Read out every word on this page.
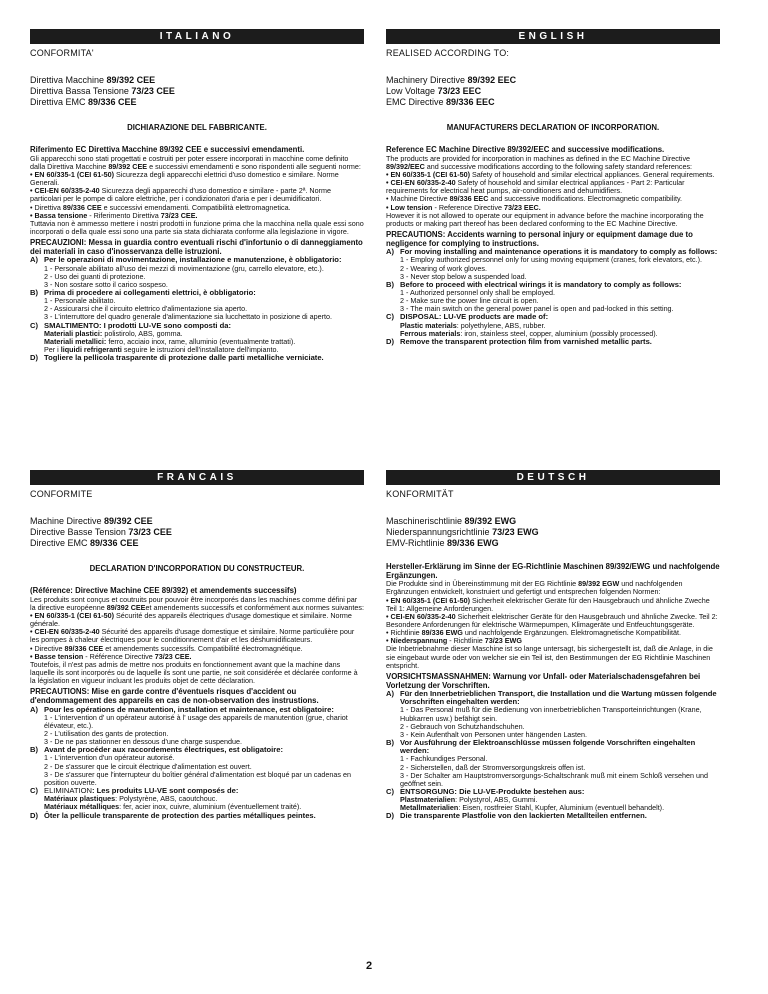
ITALIANO
CONFORMITA'
Direttiva Macchine 89/392 CEE
Direttiva Bassa Tensione 73/23 CEE
Direttiva EMC 89/336 CEE
DICHIARAZIONE DEL FABBRICANTE.

Riferimento EC Direttiva Macchine 89/392 CEE e successivi emendamenti.

Gli apparecchi sono stati progettati e costruiti per poter essere incorporati in macchine come definito dalla Direttiva Macchine 89/392 CEE e successivi emendamenti e sono rispondenti alle seguenti norme:

• EN 60/335-1 (CEI 61-50) Sicurezza degli apparecchi elettrici d'uso domestico e similare. Norme Generali.

• CEI-EN 60/335-2-40 Sicurezza degli apparecchi d'uso domestico e similare - parte 2ª. Norme particolari per le pompe di calore elettriche, per i condizionatori d'aria e per i deumidificatori.

• Direttiva 89/336 CEE e successivi emendamenti. Compatibilità elettromagnetica.

• Bassa tensione - Riferimento Direttiva 73/23 CEE.

Tuttavia non è ammesso mettere i nostri prodotti in funzione prima che la macchina nella quale essi sono incorporati o della quale essi sono una parte sia stata dichiarata conforme alla legislazione in vigore.

PRECAUZIONI: Messa in guardia contro eventuali rischi d'infortunio o di danneggiamento dei materiali in caso d'inosservanza delle istruzioni.

A) Per le operazioni di movimentazione, installazione e manutenzione, è obbligatorio:
1 - Personale abilitato all'uso dei mezzi di movimentazione (gru, carrello elevatore, etc.).
2 - Uso dei guanti di protezione.
3 - Non sostare sotto il carico sospeso.
B) Prima di procedere ai collegamenti elettrici, è obbligatorio:
1 - Personale abilitato.
2 - Assicurarsi che il circuito elettrico d'alimentazione sia aperto.
3 - L'interruttore del quadro generale d'alimentazione sia lucchettato in posizione di aperto.
C) SMALTIMENTO: I prodotti LU-VE sono composti da:
Materiali plastici: polistirolo, ABS, gomma.
Materiali metallici: ferro, acciaio inox, rame, alluminio (eventualmente trattati).
Per i liquidi refrigeranti seguire le istruzioni dell'installatore dell'impianto.
D) Togliere la pellicola trasparente di protezione dalle parti metalliche verniciate.
ENGLISH
REALISED ACCORDING TO:
Machinery Directive 89/392 EEC
Low Voltage 73/23 EEC
EMC Directive 89/336 EEC
MANUFACTURERS DECLARATION OF INCORPORATION.

Reference EC Machine Directive 89/392/EEC and successive modifications.

The products are provided for incorporation in machines as defined in the EC Machine Directive 89/392/EEC and successive modifications according to the following safety standard references:

• EN 60/335-1 (CEI 61-50) Safety of household and similar electrical appliances. General requirements.

• CEI-EN 60/335-2-40 Safety of household and similar electrical appliances - Part 2: Particular requirements for electrical heat pumps, air-conditioners and dehumidifiers.

• Machine Directive 89/336 EEC and successive modifications. Electromagnetic compatibility.

• Low tension - Reference Directive 73/23 EEC.

However it is not allowed to operate our equipment in advance before the machine incorporating the products or making part thereof has been declared conforming to the EC Machine Directive.

PRECAUTIONS: Accidents warning to personal injury or equipment damage due to negligence for complying to instructions.

A) For moving installing and maintenance operations it is mandatory to comply as follows:
1 - Employ authorized personnel only for using moving equipment (cranes, fork elevators, etc.).
2 - Wearing of work gloves.
3 - Never stop below a suspended load.
B) Before to proceed with electrical wirings it is mandatory to comply as follows:
1 - Authorized personnel only shall be employed.
2 - Make sure the power line circuit is open.
3 - The main switch on the general power panel is open and pad-locked in this setting.
C) DISPOSAL: LU-VE products are made of:
Plastic materials: polyethylene, ABS, rubber.
Ferrous materials: iron, stainless steel, copper, aluminium (possibly processed).
D) Remove the transparent protection film from varnished metallic parts.
FRANCAIS
CONFORMITE
Machine Directive 89/392 CEE
Directive Basse Tension 73/23 CEE
Directive EMC 89/336 CEE
DECLARATION D'INCORPORATION DU CONSTRUCTEUR.

(Référence: Directive Machine CEE 89/392) et amendements successifs)

Les produits sont conçus et coutruits pour pouvoir être incorporés dans les machines comme défini par la directive européenne 89/392 CEEet amendements successifs et conformément aux normes suivantes:

• EN 60/335-1 (CEI 61-50) Sécurité des appareils électriques d'usage domestique et similaire. Norme générale.

• CEI-EN 60/335-2-40 Sécurité des appareils d'usage domestique et similaire. Norme particulière pour les pompes à chaleur électriques pour le conditionnement d'air et les déshumidificateurs.

• Directive 89/336 CEE et amendements successifs. Compatibilité électromagnétique.

• Basse tension - Référence Directive 73/23 CEE.

Toutefois, il n'est pas admis de mettre nos produits en fonctionnement avant que la machine dans laquelle ils sont incorporés ou de laquelle ils sont une partie, ne soit considérée et déclarée conforme à la législation en vigueur incluant les produits objet de cette déclaration.

PRECAUTIONS: Mise en garde contre d'éventuels risques d'accident ou d'endommagement des appareils en cas de non-observation des instrustions.

A) Pour les opérations de manutention, installation et maintenance, est obligatoire:
1 - L'intervention d' un opérateur autorisé à l' usage des appareils de manutention (grue, chariot élévateur, etc.).
2 - L'utilisation des gants de protection.
3 - De ne pas stationner en dessous d'une charge suspendue.
B) Avant de procéder aux raccordements électriques, est obligatoire:
1 - L'intervention d'un opérateur autorisé.
2 - De s'assurer que le circuit électrique d'alimentation est ouvert.
3 - De s'assurer que l'interrupteur du boîtier général d'alimentation est bloqué par un cadenas en position ouverte.
C) ELIMINATION: Les produits LU-VE sont composés de:
Matériaux plastiques: Polystyrène, ABS, caoutchouc.
Matériaux métalliques: fer, acier inox, cuivre, aluminium (éventuellement traité).
D) Ôter la pellicule transparente de protection des parties métalliques peintes.
DEUTSCH
KONFORMITÄT
Maschinerischtlinie 89/392 EWG
Niederspannungsrichtlinie 73/23 EWG
EMV-Richtlinie 89/336 EWG

Hersteller-Erklärung im Sinne der EG-Richtlinie Maschinen 89/392/EWG und nachfolgende Ergänzungen.

Die Produkte sind in Übereinstimmung mit der EG Richtlinie 89/392 EGW und nachfolgenden Ergänzungen entwickelt, konstruiert und gefertigt und entsprechen folgenden Normen:

• EN 60/335-1 (CEI 61-50) Sicherheit elektrischer Geräte für den Hausgebrauch und ähnliche Zweche Teil 1: Allgemeine Anforderungen.

• CEI-EN 60/335-2-40 Sicherheit elektrischer Geräte für den Hausgebrauch und ähnliche Zwecke. Teil 2: Besondere Anforderungen für elektrische Wärmepumpen, Klimageräte und Entfeuchtungsgeräte.

• Richtlinie 89/336 EWG und nachfolgende Ergänzungen. Elektromagnetische Kompatibilität.

• Niederspannung - Richtlinie 73/23 EWG

Die Inbetriebnahme dieser Maschine ist so lange untersagt, bis sichergestellt ist, daß die Anlage, in die sie eingebaut wurde oder von welcher sie ein Teil ist, den Bestimmungen der EG Richtlinie Maschinen entspricht.

VORSICHTSMASSNAHMEN: Warnung vor Unfall- oder Materialschadensgefahren bei Vorletzung der Vorschriften.

A) Für den Innerbetrieblichen Transport, die Installation und die Wartung müssen folgende Vorschriften eingehalten werden:
1 - Das Personal muß für die Bedienung von innerbetrieblichen Transporteinrichtungen (Krane, Hubkarren usw.) befähigt sein.
2 - Gebrauch von Schutzhandschuhen.
3 - Kein Aufenthalt von Personen unter hängenden Lasten.
B) Vor Ausführung der Elektroanschlüsse müssen folgende Vorschriften eingehalten werden:
1 - Fachkundiges Personal.
2 - Sicherstellen, daß der Stromversorgungskreis offen ist.
3 - Der Schalter am Hauptstromversorgungs-Schaltschrank muß mit einem Schloß versehen und geöffnet sein.
C) ENTSORGUNG: Die LU-VE-Produkte bestehen aus:
Plastmaterialien: Polystyrol, ABS, Gummi.
Metallmaterialien: Eisen, rostfreier Stahl, Kupfer, Aluminium (eventuell behandelt).
D) Die transparente Plastfolie von den lackierten Metallteilen entfernen.
2
